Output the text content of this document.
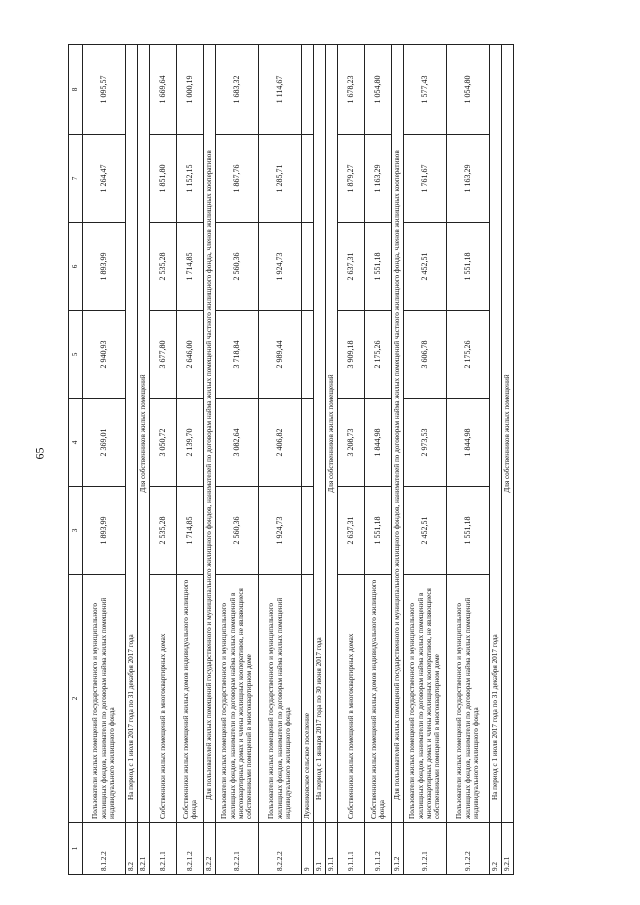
65
1	2	3	4	5	6	7	8
8.1.2.2	Пользователи жилых помещений государственного и муниципального жилищных фондов, наниматели по договорам найма жилых помещений индивидуального жилищного фонда	1 893,99	2 369,01	2 940,93	1 893,99	1 264,47	1 095,57
8.2	На период с 1 июля 2017 года по 31 декабря 2017 года						
8.2.1	Для собственников жилых помещений						
8.2.1.1	Собственники жилых помещений в многоквартирных домах	2 535,28	3 050,72	3 677,80	2 535,28	1 851,80	1 669,64
8.2.1.2	Собственники жилых помещений жилых домов индивидуального жилищного фонда	1 714,85	2 139,70	2 646,00	1 714,85	1 152,15	1 000,19
8.2.2	Для пользователей жилых помещений государственного и муниципального жилищного фондов, нанимателей по договорам найма жилых помещений частного жилищного фонда, членов жилищных кооперативов						
8.2.2.1	Пользователи жилых помещений государственного и муниципального жилищных фондов, наниматели по договорам найма жилых помещений в многоквартирных домах и члены жилищных кооперативов, не являющиеся собственниками помещений в многоквартирном доме	2 560,36	3 082,64	3 718,84	2 560,36	1 867,76	1 683,32
8.2.2.2	Пользователи жилых помещений государственного и муниципального жилищных фондов, наниматели по договорам найма жилых помещений индивидуального жилищного фонда	1 924,73	2 406,82	2 989,44	1 924,73	1 285,71	1 114,67
9	Лужниковское сельское поселение						
9.1	На период с 1 января 2017 года по 30 июня 2017 года						
9.1.1	Для собственников жилых помещений						
9.1.1.1	Собственники жилых помещений в многоквартирных домах	2 637,31	3 208,73	3 909,18	2 637,31	1 879,27	1 678,23
9.1.1.2	Собственники жилых помещений жилых домов индивидуального жилищного фонда	1 551,18	1 844,98	2 175,26	1 551,18	1 163,29	1 054,80
9.1.2	Для пользователей жилых помещений государственного и муниципального жилищного фондов, нанимателей по договорам найма жилых помещений частного жилищного фонда, членов жилищных кооперативов						
9.1.2.1	Пользователи жилых помещений государственного и муниципального жилищных фондов, наниматели по договорам найма жилых помещений в многоквартирных домах и члены жилищных кооперативов, не являющиеся собственниками помещений в многоквартирном доме	2 452,51	2 973,53	3 606,78	2 452,51	1 761,67	1 577,43
9.1.2.2	Пользователи жилых помещений государственного и муниципального жилищных фондов, наниматели по договорам найма жилых помещений индивидуального жилищного фонда	1 551,18	1 844,98	2 175,26	1 551,18	1 163,29	1 054,80
9.2	На период с 1 июля 2017 года по 31 декабря 2017 года						
9.2.1	Для собственников жилых помещений						
